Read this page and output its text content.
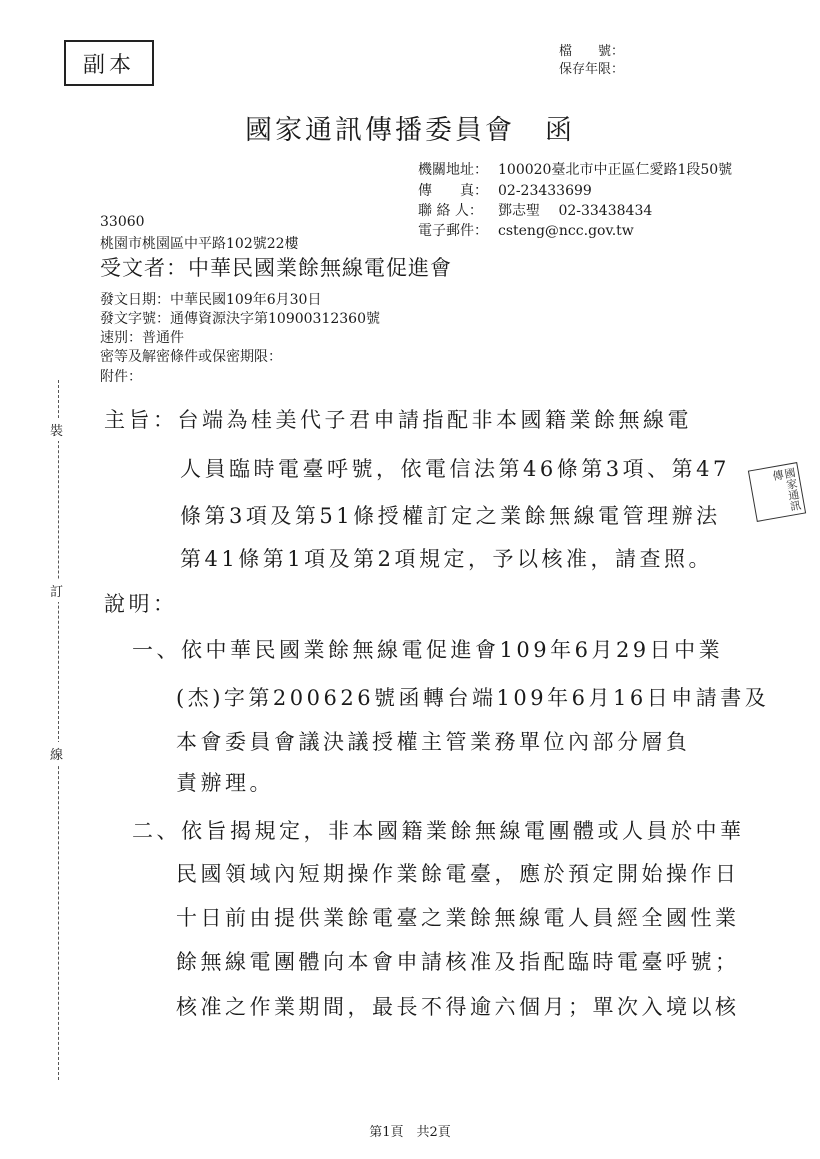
副本
檔　　號：
保存年限：
國家通訊傳播委員會　函
機關地址： 100020臺北市中正區仁愛路1段50號
傳　　真： 02-23433699
聯 絡 人： 鄧志聖　 02-33438434
電子郵件： csteng@ncc.gov.tw
33060
桃園市桃園區中平路102號22樓
受文者：中華民國業餘無線電促進會
發文日期：中華民國109年6月30日
發文字號：通傳資源決字第10900312360號
速別：普通件
密等及解密條件或保密期限：
附件：
主旨：台端為桂美代子君申請指配非本國籍業餘無線電
人員臨時電臺呼號，依電信法第46條第3項、第47
條第3項及第51條授權訂定之業餘無線電管理辦法
第41條第1項及第2項規定，予以核准，請查照。
說明：
一、依中華民國業餘無線電促進會109年6月29日中業
(杰)字第200626號函轉台端109年6月16日申請書及
本會委員會議決議授權主管業務單位內部分層負
責辦理。
二、依旨揭規定，非本國籍業餘無線電團體或人員於中華
民國領域內短期操作業餘電臺，應於預定開始操作日
十日前由提供業餘電臺之業餘無線電人員經全國性業
餘無線電團體向本會申請核准及指配臨時電臺呼號；
核准之作業期間，最長不得逾六個月；單次入境以核
裝
訂
線
國家通訊傳
第1頁　共2頁
